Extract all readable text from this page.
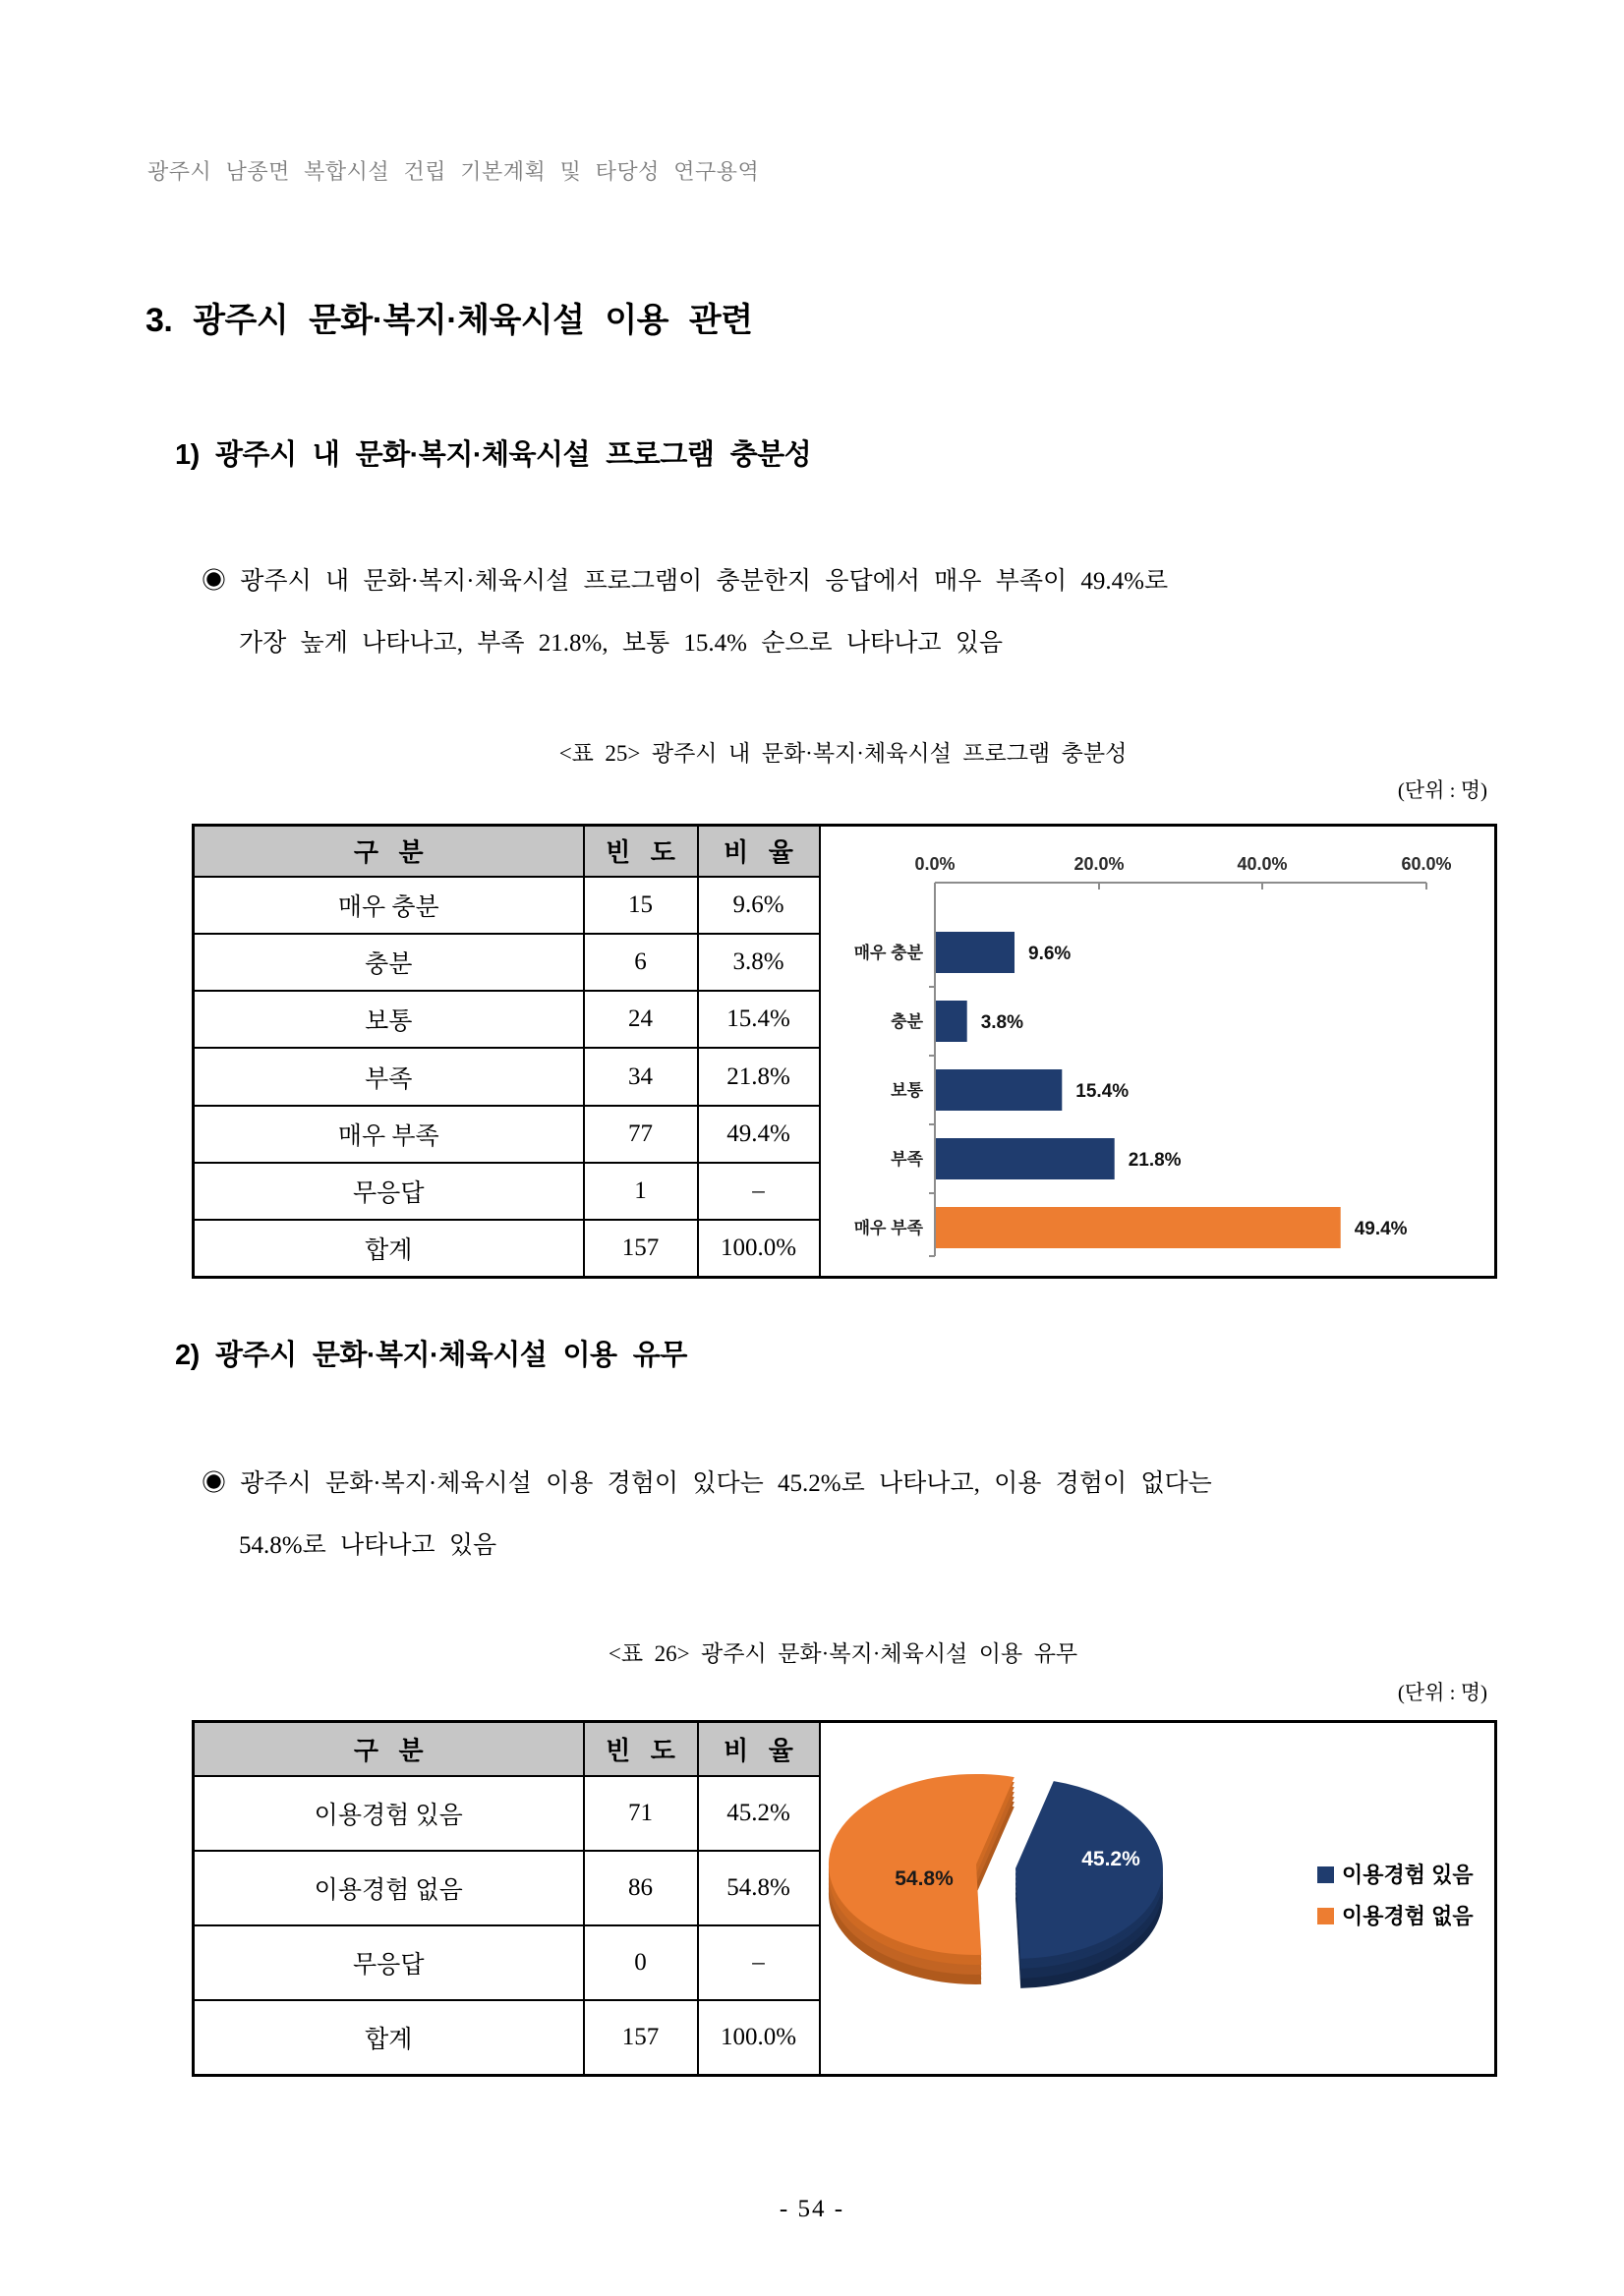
광주시 남종면 복합시설 건립 기본계획 및 타당성 연구용역
3. 광주시 문화·복지·체육시설 이용 관련
1) 광주시 내 문화·복지·체육시설 프로그램 충분성
◉ 광주시 내 문화·복지·체육시설 프로그램이 충분한지 응답에서 매우 부족이 49.4%로
가장 높게 나타나고, 부족 21.8%, 보통 15.4% 순으로 나타나고 있음
<표 25> 광주시 내 문화·복지·체육시설 프로그램 충분성
(단위 : 명)
구 분	빈 도	비 율	0.0%	20.0%	40.0%	60.0%
매우 충분
충분
보통
부족
매우 부족
9.6%
3.8%
15.4%
21.8%
49.4%

매우 충분	15	9.6%	
충분	6	3.8%	
보통	24	15.4%	
부족	34	21.8%	
매우 부족	77	49.4%	
무응답	1	–	
합계	157	100.0%	
2) 광주시 문화·복지·체육시설 이용 유무
◉ 광주시 문화·복지·체육시설 이용 경험이 있다는 45.2%로 나타나고, 이용 경험이 없다는
54.8%로 나타나고 있음
<표 26> 광주시 문화·복지·체육시설 이용 유무
(단위 : 명)
구 분	빈 도	비 율	45.2%
54.8% 이용경험 있음
이용경험 없음

이용경험 있음	71	45.2%	
이용경험 없음	86	54.8%	
무응답	0	–	
합계	157	100.0%	
- 54 -
